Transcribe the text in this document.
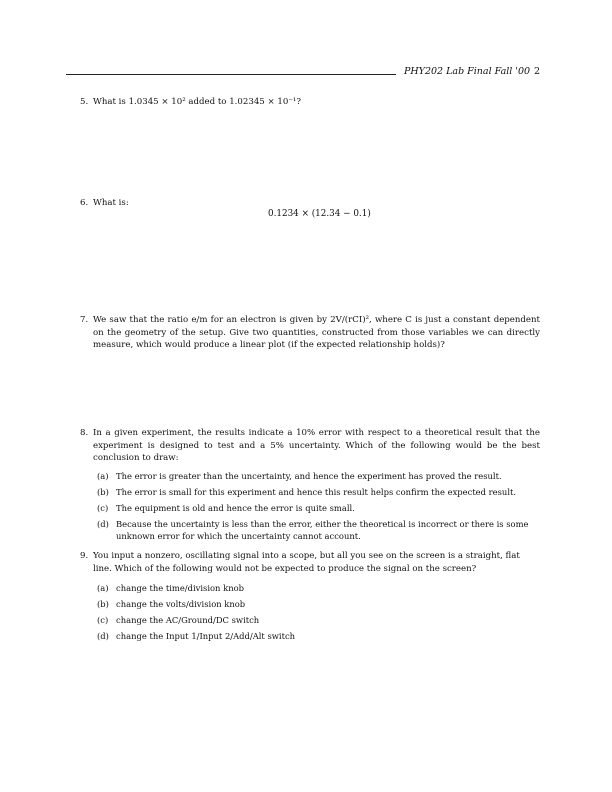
PHY202 Lab Final Fall '00 2
5. What is 1.0345 × 10² added to 1.02345 × 10⁻¹?
6. What is:
0.1234 × (12.34 − 0.1)
7. We saw that the ratio e/m for an electron is given by 2V/(rCI)², where C is just a constant dependent on the geometry of the setup. Give two quantities, constructed from those variables we can directly measure, which would produce a linear plot (if the expected relationship holds)?
8. In a given experiment, the results indicate a 10% error with respect to a theoretical result that the experiment is designed to test and a 5% uncertainty. Which of the following would be the best conclusion to draw:
(a) The error is greater than the uncertainty, and hence the experiment has proved the result.
(b) The error is small for this experiment and hence this result helps confirm the expected result.
(c) The equipment is old and hence the error is quite small.
(d) Because the uncertainty is less than the error, either the theoretical is incorrect or there is some unknown error for which the uncertainty cannot account.
9. You input a nonzero, oscillating signal into a scope, but all you see on the screen is a straight, flat line. Which of the following would not be expected to produce the signal on the screen?
(a) change the time/division knob
(b) change the volts/division knob
(c) change the AC/Ground/DC switch
(d) change the Input 1/Input 2/Add/Alt switch
